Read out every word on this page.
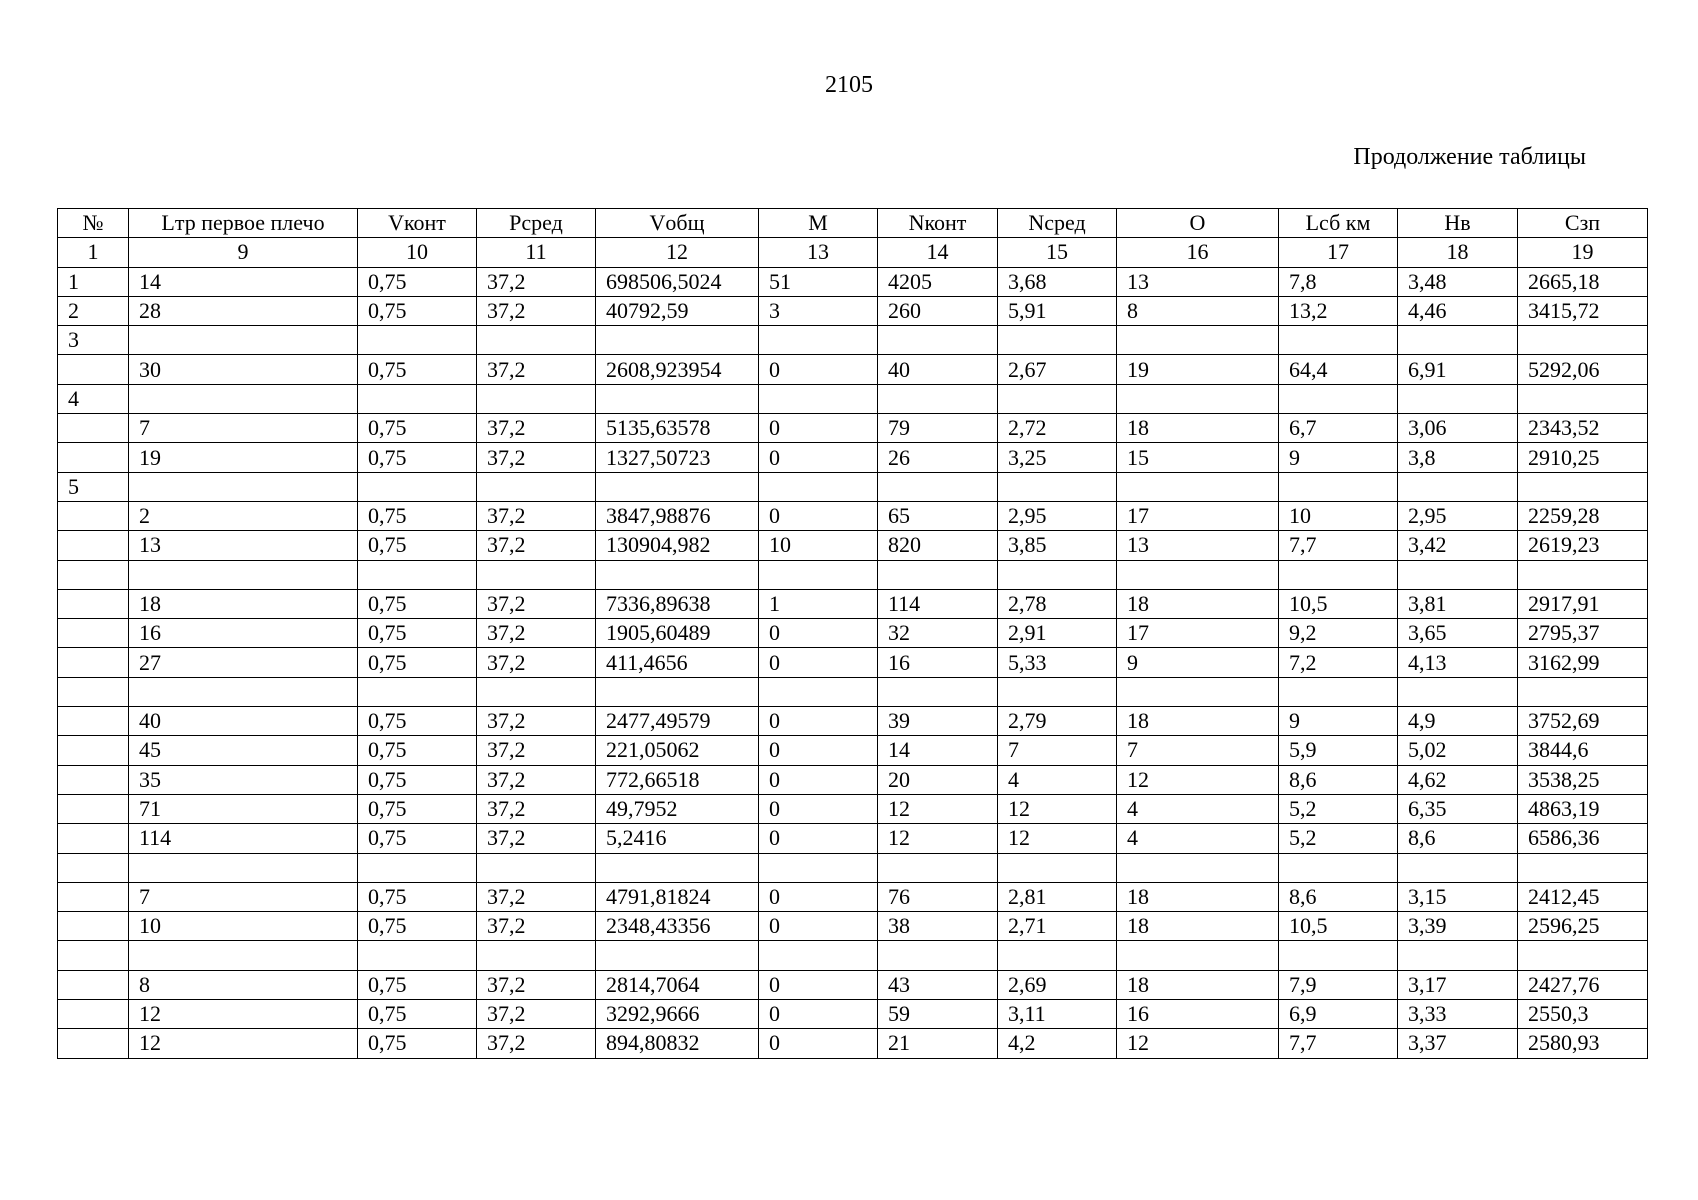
2105
Продолжение таблицы
№	Lтр первое плечо	Vконт	Pсред	Vобщ	M	Nконт	Nсред	O	Lсб км	Hв	Cзп
1	9	10	11	12	13	14	15	16	17	18	19
1	14	0,75	37,2	698506,5024	51	4205	3,68	13	7,8	3,48	2665,18
2	28	0,75	37,2	40792,59	3	260	5,91	8	13,2	4,46	3415,72
3											
	30	0,75	37,2	2608,923954	0	40	2,67	19	64,4	6,91	5292,06
4											
	7	0,75	37,2	5135,63578	0	79	2,72	18	6,7	3,06	2343,52
	19	0,75	37,2	1327,50723	0	26	3,25	15	9	3,8	2910,25
5											
	2	0,75	37,2	3847,98876	0	65	2,95	17	10	2,95	2259,28
	13	0,75	37,2	130904,982	10	820	3,85	13	7,7	3,42	2619,23

	18	0,75	37,2	7336,89638	1	114	2,78	18	10,5	3,81	2917,91
	16	0,75	37,2	1905,60489	0	32	2,91	17	9,2	3,65	2795,37
	27	0,75	37,2	411,4656	0	16	5,33	9	7,2	4,13	3162,99

	40	0,75	37,2	2477,49579	0	39	2,79	18	9	4,9	3752,69
	45	0,75	37,2	221,05062	0	14	7	7	5,9	5,02	3844,6
	35	0,75	37,2	772,66518	0	20	4	12	8,6	4,62	3538,25
	71	0,75	37,2	49,7952	0	12	12	4	5,2	6,35	4863,19
	114	0,75	37,2	5,2416	0	12	12	4	5,2	8,6	6586,36

	7	0,75	37,2	4791,81824	0	76	2,81	18	8,6	3,15	2412,45
	10	0,75	37,2	2348,43356	0	38	2,71	18	10,5	3,39	2596,25

	8	0,75	37,2	2814,7064	0	43	2,69	18	7,9	3,17	2427,76
	12	0,75	37,2	3292,9666	0	59	3,11	16	6,9	3,33	2550,3
	12	0,75	37,2	894,80832	0	21	4,2	12	7,7	3,37	2580,93
